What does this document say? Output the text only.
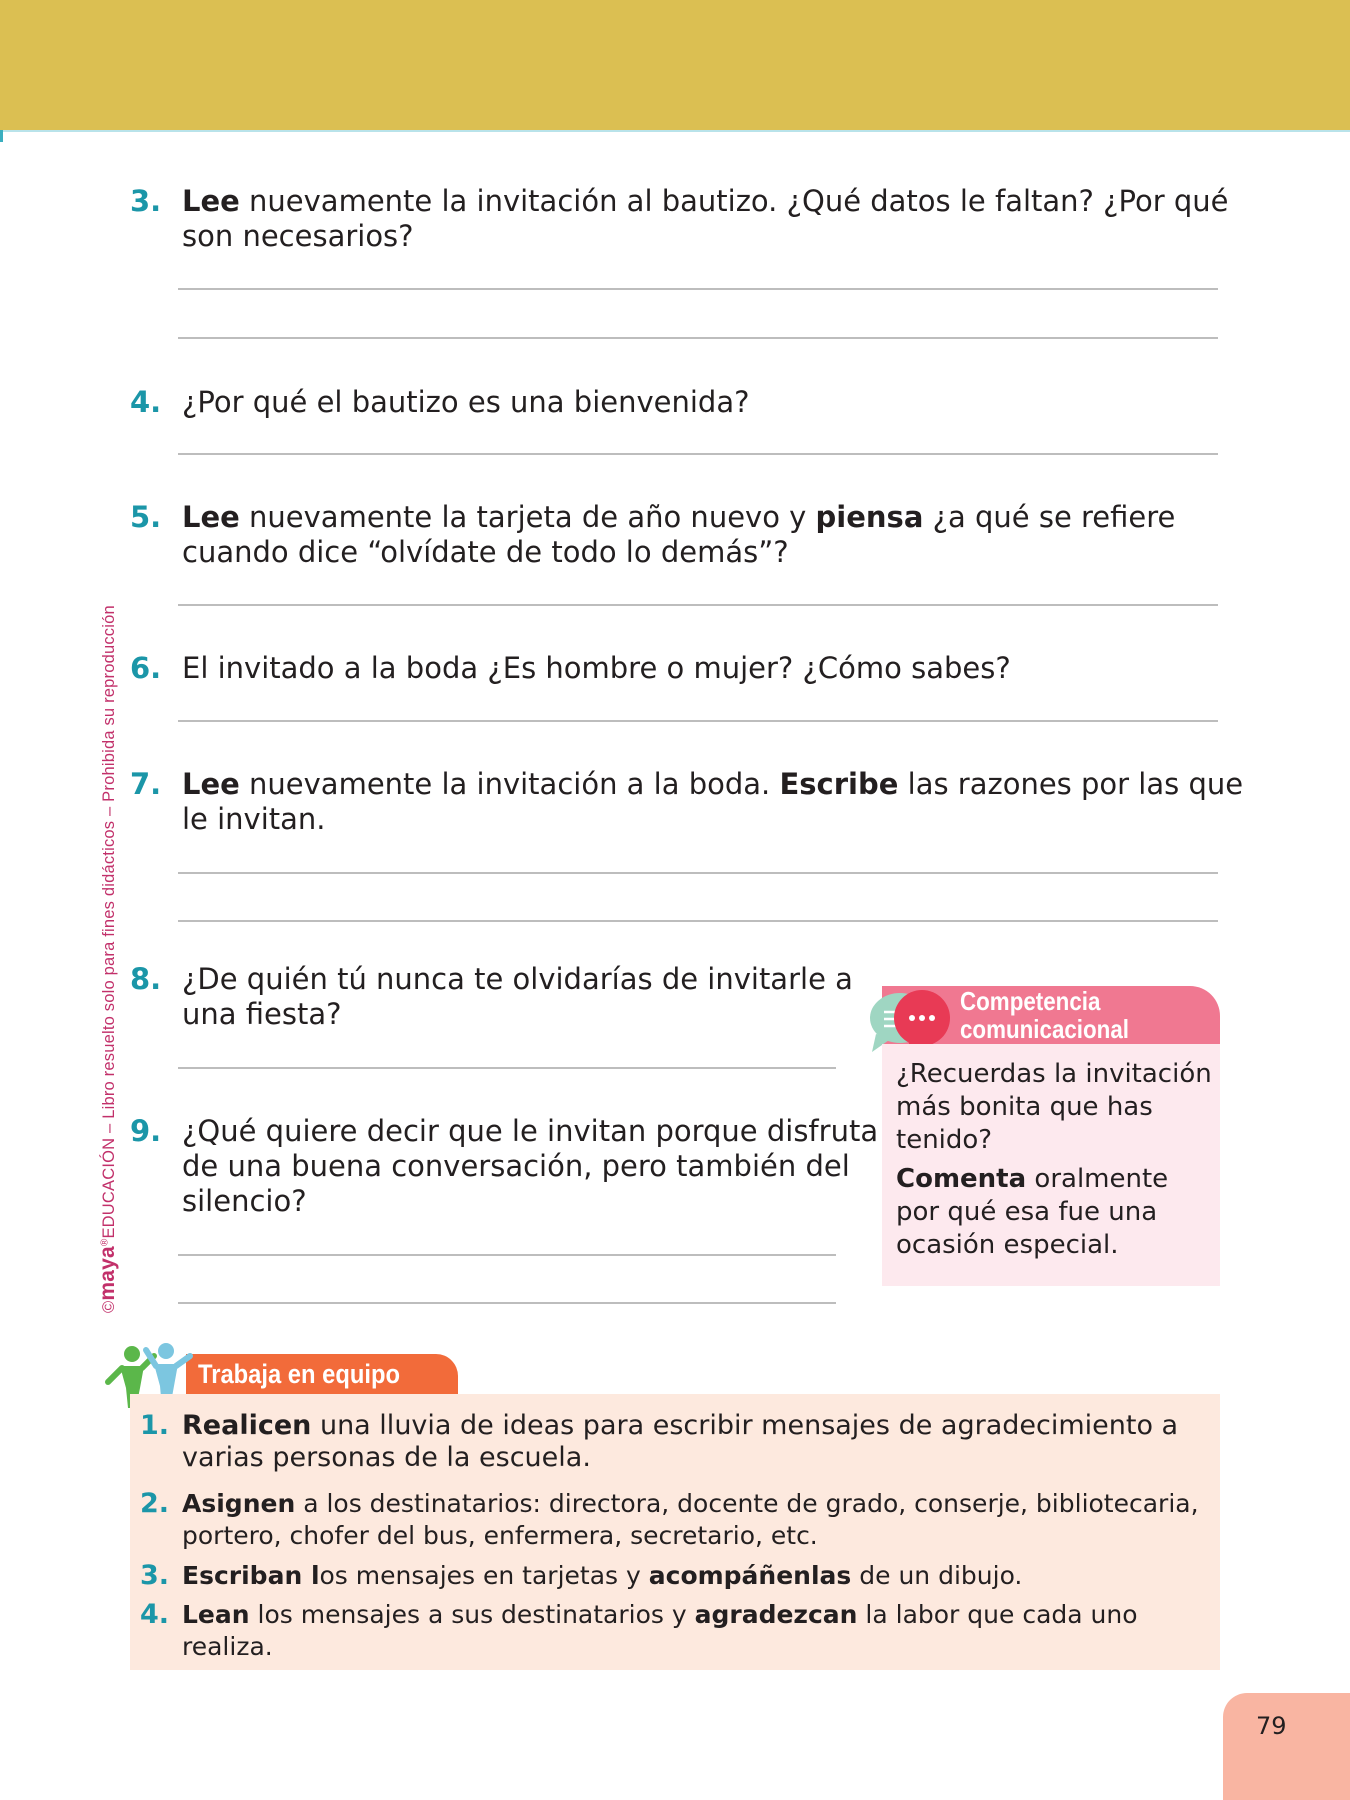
©maya®EDUCACIÓN – Libro resuelto solo para fines didácticos – Prohibida su reproducción
3. Lee nuevamente la invitación al bautizo. ¿Qué datos le faltan? ¿Por qué son necesarios?
4. ¿Por qué el bautizo es una bienvenida?
5. Lee nuevamente la tarjeta de año nuevo y piensa ¿a qué se refiere cuando dice “olvídate de todo lo demás”?
6. El invitado a la boda ¿Es hombre o mujer? ¿Cómo sabes?
7. Lee nuevamente la invitación a la boda. Escribe las razones por las que le invitan.
8. ¿De quién tú nunca te olvidarías de invitarle a una fiesta?
9. ¿Qué quiere decir que le invitan porque disfruta de una buena conversación, pero también del silencio?
Competencia
comunicacional

¿Recuerdas la invitación más bonita que has tenido?

Comenta oralmente por qué esa fue una ocasión especial.

Trabaja en equipo
1. Realicen una lluvia de ideas para escribir mensajes de agradecimiento a varias personas de la escuela.
2. Asignen a los destinatarios: directora, docente de grado, conserje, bibliotecaria, portero, chofer del bus, enfermera, secretario, etc.
3. Escriban los mensajes en tarjetas y acompáñenlas de un dibujo.
4. Lean los mensajes a sus destinatarios y agradezcan la labor que cada uno realiza.
79
